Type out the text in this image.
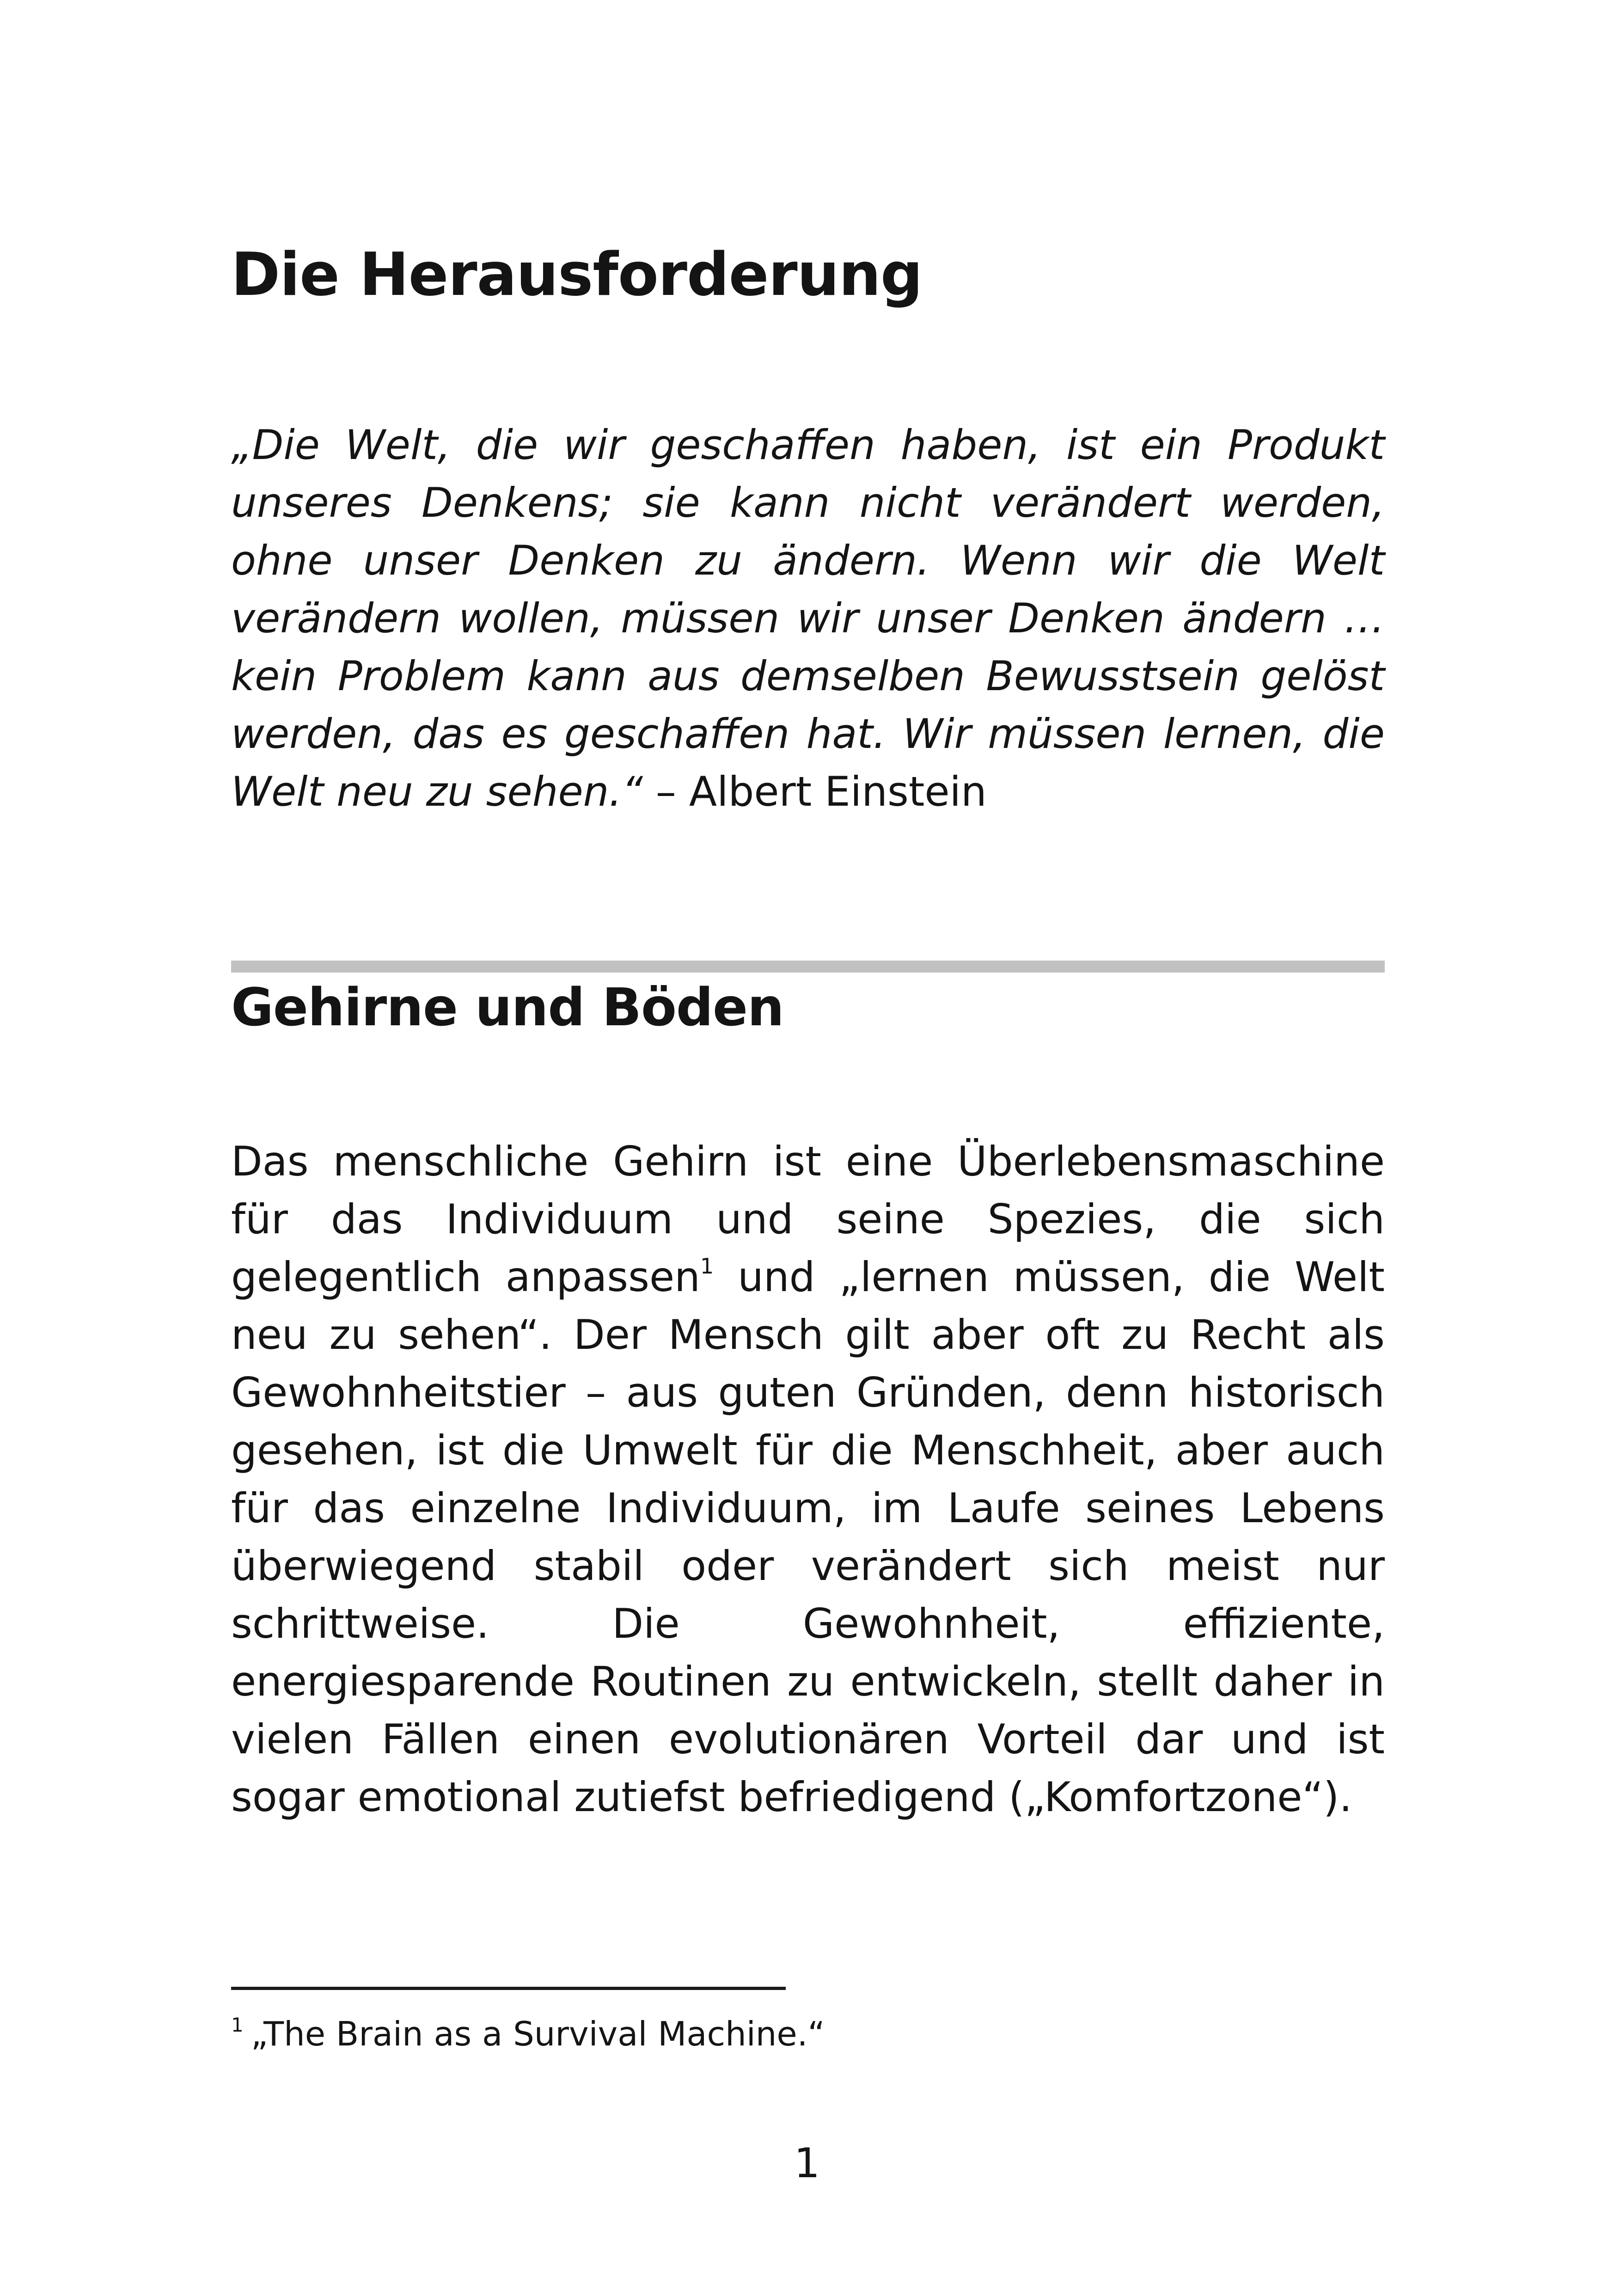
Die Herausforderung

„Die Welt, die wir geschaffen haben, ist ein Produkt unseres Denkens; sie kann nicht verändert werden, ohne unser Denken zu ändern. Wenn wir die Welt verändern wollen, müssen wir unser Denken ändern … kein Problem kann aus demselben Bewusstsein gelöst werden, das es geschaffen hat. Wir müssen lernen, die Welt neu zu sehen.“ – Albert Einstein

Gehirne und Böden

Das menschliche Gehirn ist eine Überlebensmaschine für das Individuum und seine Spezies, die sich gelegentlich anpassen$^1$ und „lernen müssen, die Welt neu zu sehen“. Der Mensch gilt aber oft zu Recht als Gewohnheitstier – aus guten Gründen, denn historisch gesehen, ist die Umwelt für die Menschheit, aber auch für das einzelne Individuum, im Laufe seines Lebens überwiegend stabil oder verändert sich meist nur schrittweise. Die Gewohnheit, effiziente, energiesparende Routinen zu entwickeln, stellt daher in vielen Fällen einen evolutionären Vorteil dar und ist sogar emotional zutiefst befriedigend („Komfortzone“).

$^1$ „The Brain as a Survival Machine.“

1
